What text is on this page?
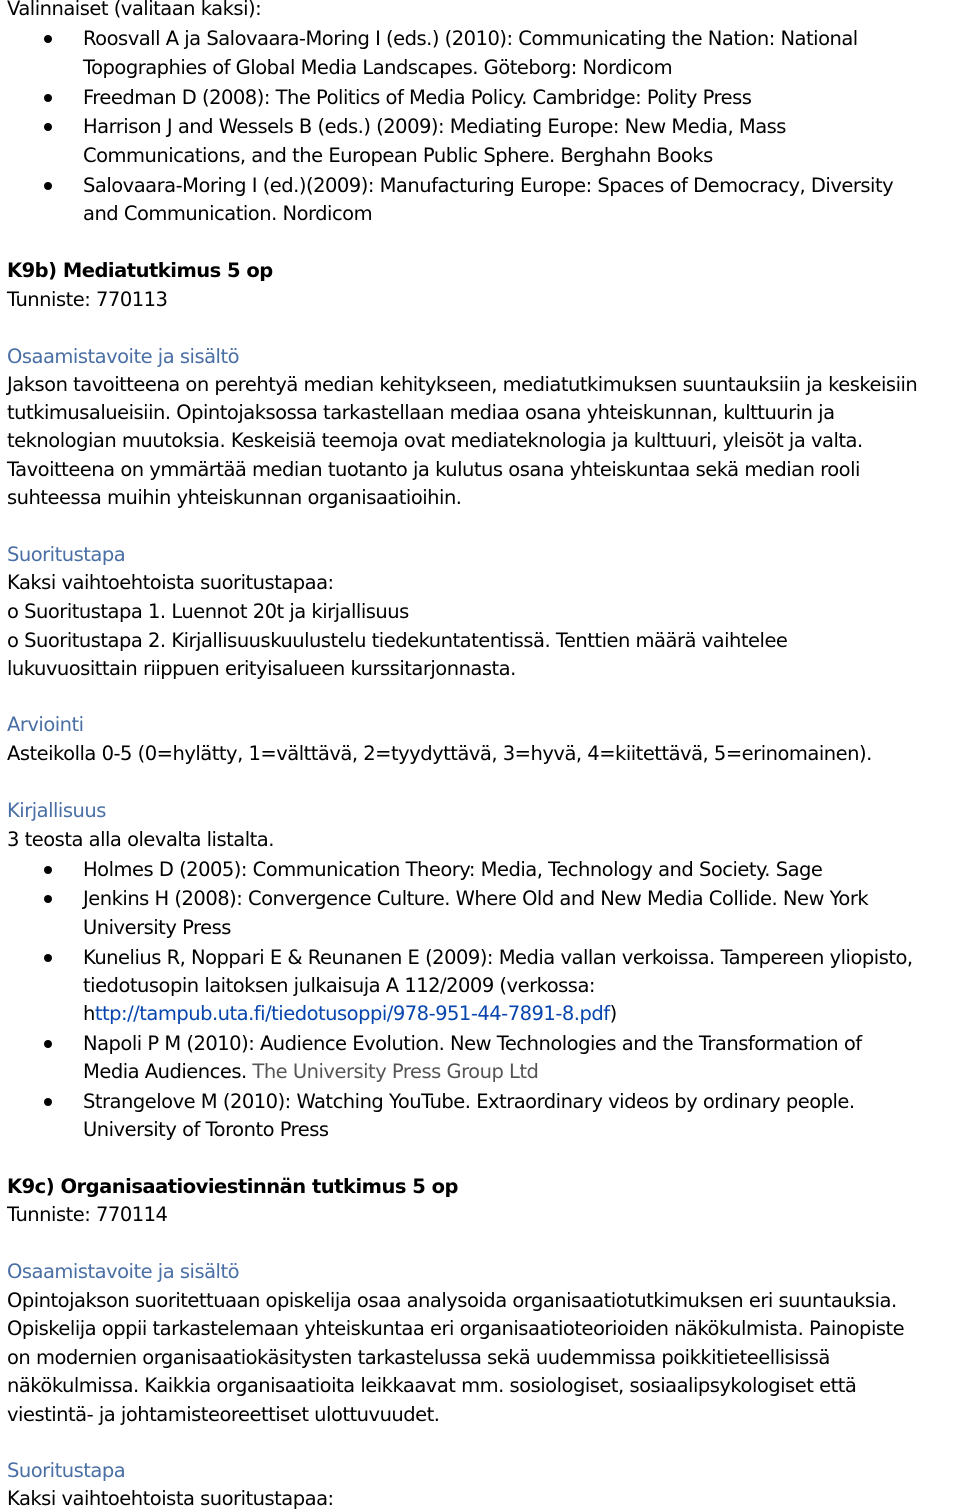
Valinnaiset (valitaan kaksi):

Roosvall A ja Salovaara-Moring I (eds.) (2010): Communicating the Nation: National

Topographies of Global Media Landscapes. Göteborg: Nordicom

Freedman D (2008): The Politics of Media Policy. Cambridge: Polity Press

Harrison J and Wessels B (eds.) (2009): Mediating Europe: New Media, Mass

Communications, and the European Public Sphere. Berghahn Books

Salovaara-Moring I (ed.)(2009): Manufacturing Europe: Spaces of Democracy, Diversity

and Communication. Nordicom

K9b) Mediatutkimus 5 op

Tunniste: 770113

Osaamistavoite ja sisältö

Jakson tavoitteena on perehtyä median kehitykseen, mediatutkimuksen suuntauksiin ja keskeisiin

tutkimusalueisiin. Opintojaksossa tarkastellaan mediaa osana yhteiskunnan, kulttuurin ja

teknologian muutoksia. Keskeisiä teemoja ovat mediateknologia ja kulttuuri, yleisöt ja valta.

Tavoitteena on ymmärtää median tuotanto ja kulutus osana yhteiskuntaa sekä median rooli

suhteessa muihin yhteiskunnan organisaatioihin.

Suoritustapa

Kaksi vaihtoehtoista suoritustapaa:

o Suoritustapa 1. Luennot 20t ja kirjallisuus

o Suoritustapa 2. Kirjallisuuskuulustelu tiedekuntatentissä. Tenttien määrä vaihtelee

lukuvuosittain riippuen erityisalueen kurssitarjonnasta.

Arviointi

Asteikolla 0-5 (0=hylätty, 1=välttävä, 2=tyydyttävä, 3=hyvä, 4=kiitettävä, 5=erinomainen).

Kirjallisuus

3 teosta alla olevalta listalta.

Holmes D (2005): Communication Theory: Media, Technology and Society. Sage

Jenkins H (2008): Convergence Culture. Where Old and New Media Collide. New York

University Press

Kunelius R, Noppari E & Reunanen E (2009): Media vallan verkoissa. Tampereen yliopisto,

tiedotusopin laitoksen julkaisuja A 112/2009 (verkossa:

http://tampub.uta.fi/tiedotusoppi/978-951-44-7891-8.pdf)

Napoli P M (2010): Audience Evolution. New Technologies and the Transformation of

Media Audiences. The University Press Group Ltd

Strangelove M (2010): Watching YouTube. Extraordinary videos by ordinary people.

University of Toronto Press

K9c) Organisaatioviestinnän tutkimus 5 op

Tunniste: 770114

Osaamistavoite ja sisältö

Opintojakson suoritettuaan opiskelija osaa analysoida organisaatiotutkimuksen eri suuntauksia.

Opiskelija oppii tarkastelemaan yhteiskuntaa eri organisaatioteorioiden näkökulmista. Painopiste

on modernien organisaatiokäsitysten tarkastelussa sekä uudemmissa poikkitieteellisissä

näkökulmissa. Kaikkia organisaatioita leikkaavat mm. sosiologiset, sosiaalipsykologiset että

viestintä- ja johtamisteoreettiset ulottuvuudet.

Suoritustapa

Kaksi vaihtoehtoista suoritustapaa:
